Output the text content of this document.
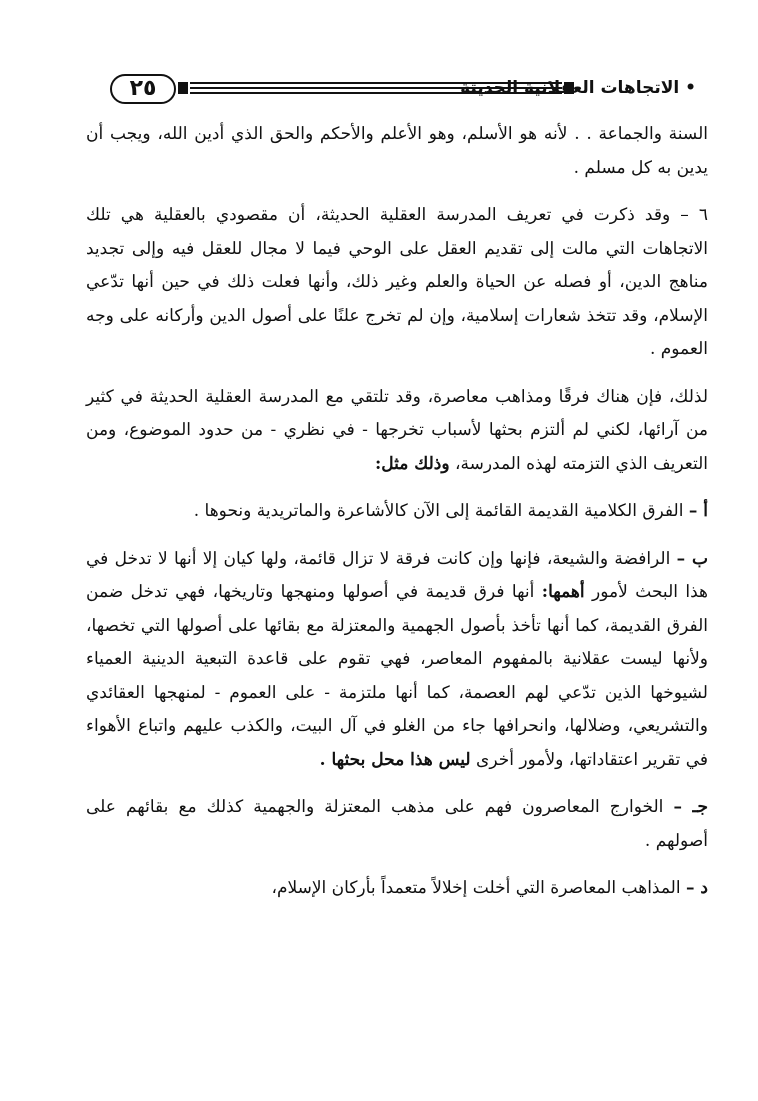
٢٥	• الاتجاهات العقلانية الحديثة

السنة والجماعة . . لأنه هو الأسلم، وهو الأعلم والأحكم والحق الذي أدين الله، ويجب أن يدين به كل مسلم .

٦ – وقد ذكرت في تعريف المدرسة العقلية الحديثة، أن مقصودي بالعقلية هي تلك الاتجاهات التي مالت إلى تقديم العقل على الوحي فيما لا مجال للعقل فيه وإلى تجديد مناهج الدين، أو فصله عن الحياة والعلم وغير ذلك، وأنها فعلت ذلك في حين أنها تدّعي الإسلام، وقد تتخذ شعارات إسلامية، وإن لم تخرج علنًا على أصول الدين وأركانه على وجه العموم .

لذلك، فإن هناك فرقًا ومذاهب معاصرة، وقد تلتقي مع المدرسة العقلية الحديثة في كثير من آرائها، لكني لم ألتزم بحثها لأسباب تخرجها - في نظري - من حدود الموضوع، ومن التعريف الذي التزمته لهذه المدرسة، وذلك مثل:

أ – الفرق الكلامية القديمة القائمة إلى الآن كالأشاعرة والماتريدية ونحوها .

ب – الرافضة والشيعة، فإنها وإن كانت فرقة لا تزال قائمة، ولها كيان إلا أنها لا تدخل في هذا البحث لأمور أهمها: أنها فرق قديمة في أصولها ومنهجها وتاريخها، فهي تدخل ضمن الفرق القديمة، كما أنها تأخذ بأصول الجهمية والمعتزلة مع بقائها على أصولها التي تخصها، ولأنها ليست عقلانية بالمفهوم المعاصر، فهي تقوم على قاعدة التبعية الدينية العمياء لشيوخها الذين تدّعي لهم العصمة، كما أنها ملتزمة - على العموم - لمنهجها العقائدي والتشريعي، وضلالها، وانحرافها جاء من الغلو في آل البيت، والكذب عليهم واتباع الأهواء في تقرير اعتقاداتها، ولأمور أخرى ليس هذا محل بحثها .

جـ – الخوارج المعاصرون فهم على مذهب المعتزلة والجهمية كذلك مع بقائهم على أصولهم .

د – المذاهب المعاصرة التي أخلت إخلالاً متعمداً بأركان الإسلام،
